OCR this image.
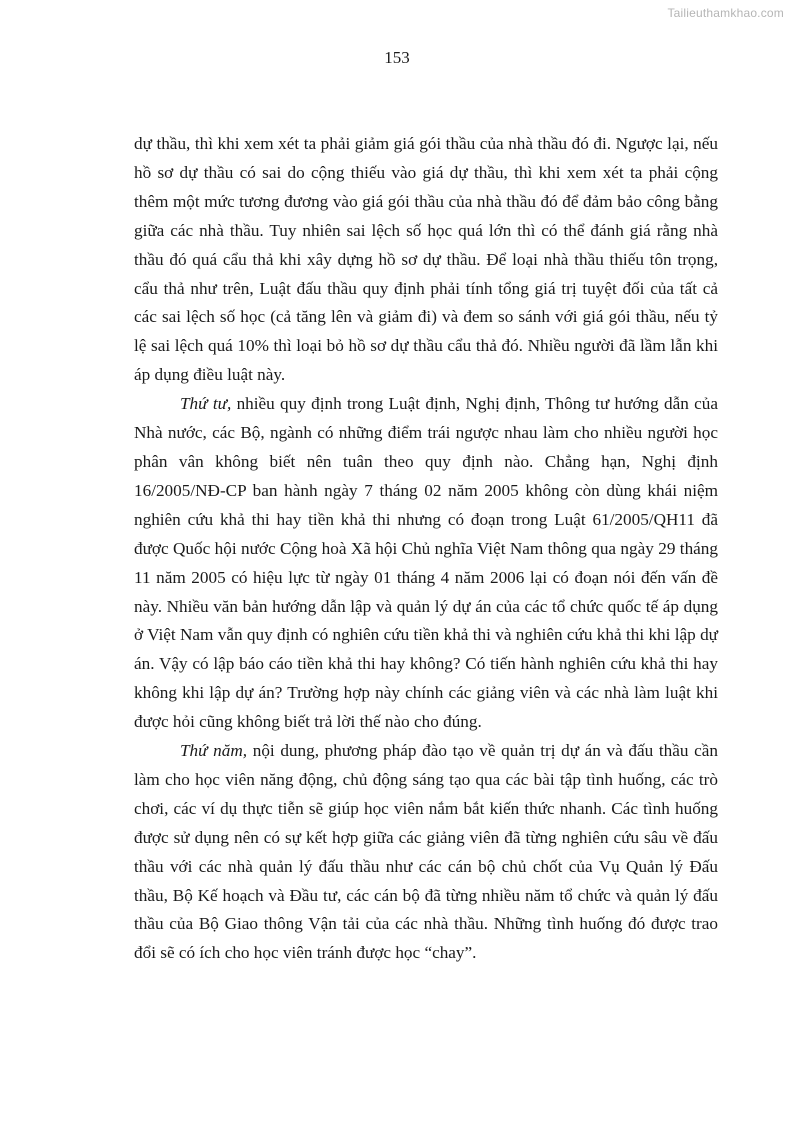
Tailieuthamkhao.com
153

dự thầu, thì khi xem xét ta phải giảm giá gói thầu của nhà thầu đó đi. Ngược lại, nếu hồ sơ dự thầu có sai do cộng thiếu vào giá dự thầu, thì khi xem xét ta phải cộng thêm một mức tương đương vào giá gói thầu của nhà thầu đó để đảm bảo công bằng giữa các nhà thầu. Tuy nhiên sai lệch số học quá lớn thì có thể đánh giá rằng nhà thầu đó quá cẩu thả khi xây dựng hồ sơ dự thầu. Để loại nhà thầu thiếu tôn trọng, cẩu thả như trên, Luật đấu thầu quy định phải tính tổng giá trị tuyệt đối của tất cả các sai lệch số học (cả tăng lên và giảm đi) và đem so sánh với giá gói thầu, nếu tỷ lệ sai lệch quá 10% thì loại bỏ hồ sơ dự thầu cẩu thả đó. Nhiều người đã lầm lẫn khi áp dụng điều luật này.

Thứ tư, nhiều quy định trong Luật định, Nghị định, Thông tư hướng dẫn của Nhà nước, các Bộ, ngành có những điểm trái ngược nhau làm cho nhiều người học phân vân không biết nên tuân theo quy định nào. Chẳng hạn, Nghị định 16/2005/NĐ-CP ban hành ngày 7 tháng 02 năm 2005 không còn dùng khái niệm nghiên cứu khả thi hay tiền khả thi nhưng có đoạn trong Luật 61/2005/QH11 đã được Quốc hội nước Cộng hoà Xã hội Chủ nghĩa Việt Nam thông qua ngày 29 tháng 11 năm 2005 có hiệu lực từ ngày 01 tháng 4 năm 2006 lại có đoạn nói đến vấn đề này. Nhiều văn bản hướng dẫn lập và quản lý dự án của các tổ chức quốc tế áp dụng ở Việt Nam vẫn quy định có nghiên cứu tiền khả thi và nghiên cứu khả thi khi lập dự án. Vậy có lập báo cáo tiền khả thi hay không? Có tiến hành nghiên cứu khả thi hay không khi lập dự án? Trường hợp này chính các giảng viên và các nhà làm luật khi được hỏi cũng không biết trả lời thế nào cho đúng.

Thứ năm, nội dung, phương pháp đào tạo về quản trị dự án và đấu thầu cần làm cho học viên năng động, chủ động sáng tạo qua các bài tập tình huống, các trò chơi, các ví dụ thực tiễn sẽ giúp học viên nắm bắt kiến thức nhanh. Các tình huống được sử dụng nên có sự kết hợp giữa các giảng viên đã từng nghiên cứu sâu về đấu thầu với các nhà quản lý đấu thầu như các cán bộ chủ chốt của Vụ Quản lý Đấu thầu, Bộ Kế hoạch và Đầu tư, các cán bộ đã từng nhiều năm tổ chức và quản lý đấu thầu của Bộ Giao thông Vận tải của các nhà thầu. Những tình huống đó được trao đổi sẽ có ích cho học viên tránh được học “chay”.
